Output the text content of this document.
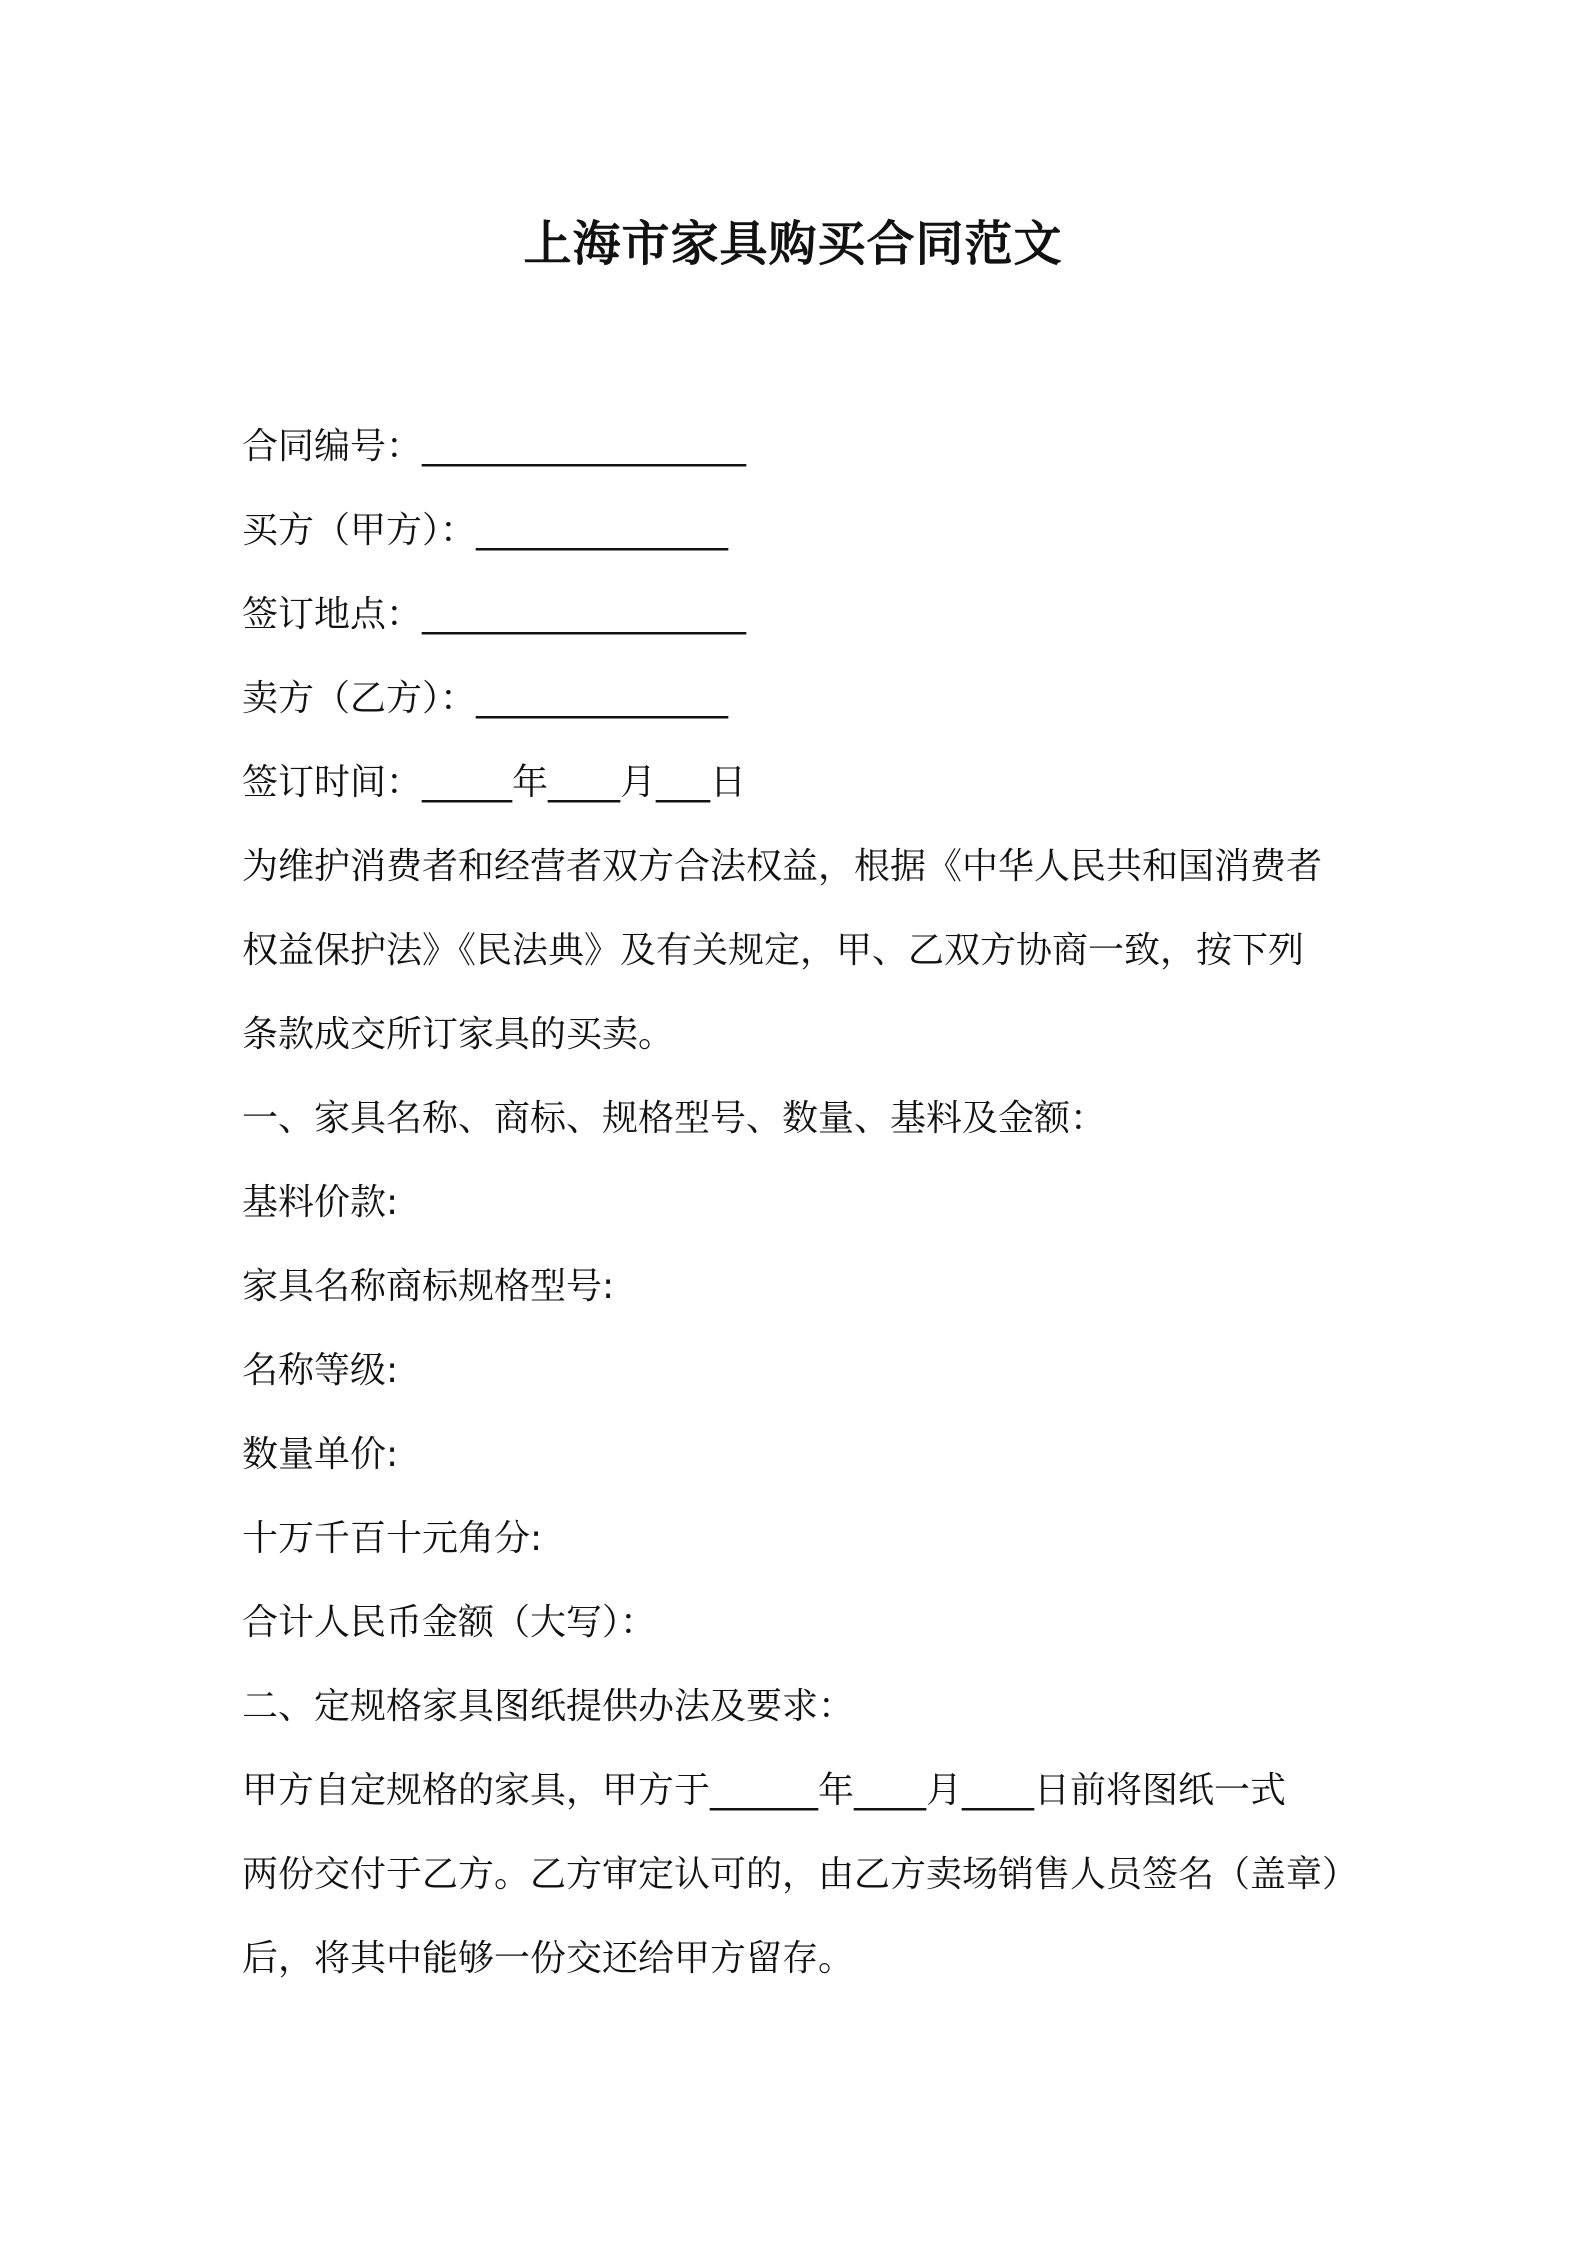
上海市家具购买合同范文
合同编号：__________________
买方（甲方）：______________
签订地点：__________________
卖方（乙方）：______________
签订时间：_____年____月___日
为维护消费者和经营者双方合法权益，根据《中华人民共和国消费者
权益保护法》《民法典》及有关规定，甲、乙双方协商一致，按下列
条款成交所订家具的买卖。
一、家具名称、商标、规格型号、数量、基料及金额：
基料价款:
家具名称商标规格型号:
名称等级:
数量单价:
十万千百十元角分:
合计人民币金额（大写）：
二、定规格家具图纸提供办法及要求：
甲方自定规格的家具，甲方于______年____月____日前将图纸一式
两份交付于乙方。乙方审定认可的，由乙方卖场销售人员签名（盖章）
后，将其中能够一份交还给甲方留存。
